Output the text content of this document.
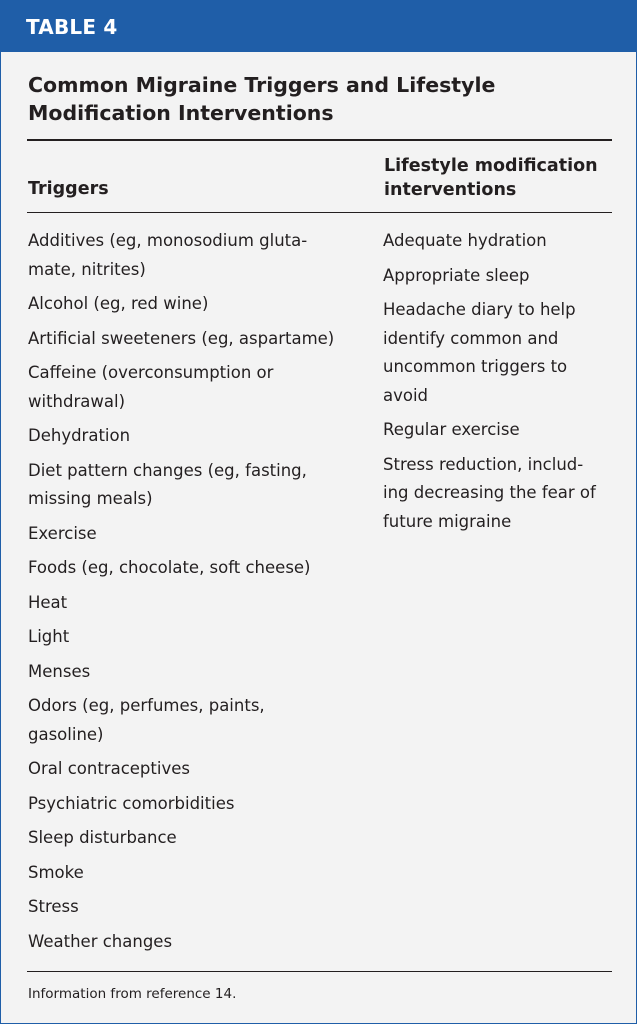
TABLE 4
Common Migraine Triggers and Lifestyle
Modification Interventions
Triggers
Lifestyle modification
interventions
Additives (eg, monosodium gluta-
mate, nitrites)
Alcohol (eg, red wine)
Artificial sweeteners (eg, aspartame)
Caffeine (overconsumption or
withdrawal)
Dehydration
Diet pattern changes (eg, fasting,
missing meals)
Exercise
Foods (eg, chocolate, soft cheese)
Heat
Light
Menses
Odors (eg, perfumes, paints,
gasoline)
Oral contraceptives
Psychiatric comorbidities
Sleep disturbance
Smoke
Stress
Weather changes
Adequate hydration
Appropriate sleep
Headache diary to help
identify common and
uncommon triggers to
avoid
Regular exercise
Stress reduction, includ-
ing decreasing the fear of
future migraine
Information from reference 14.
